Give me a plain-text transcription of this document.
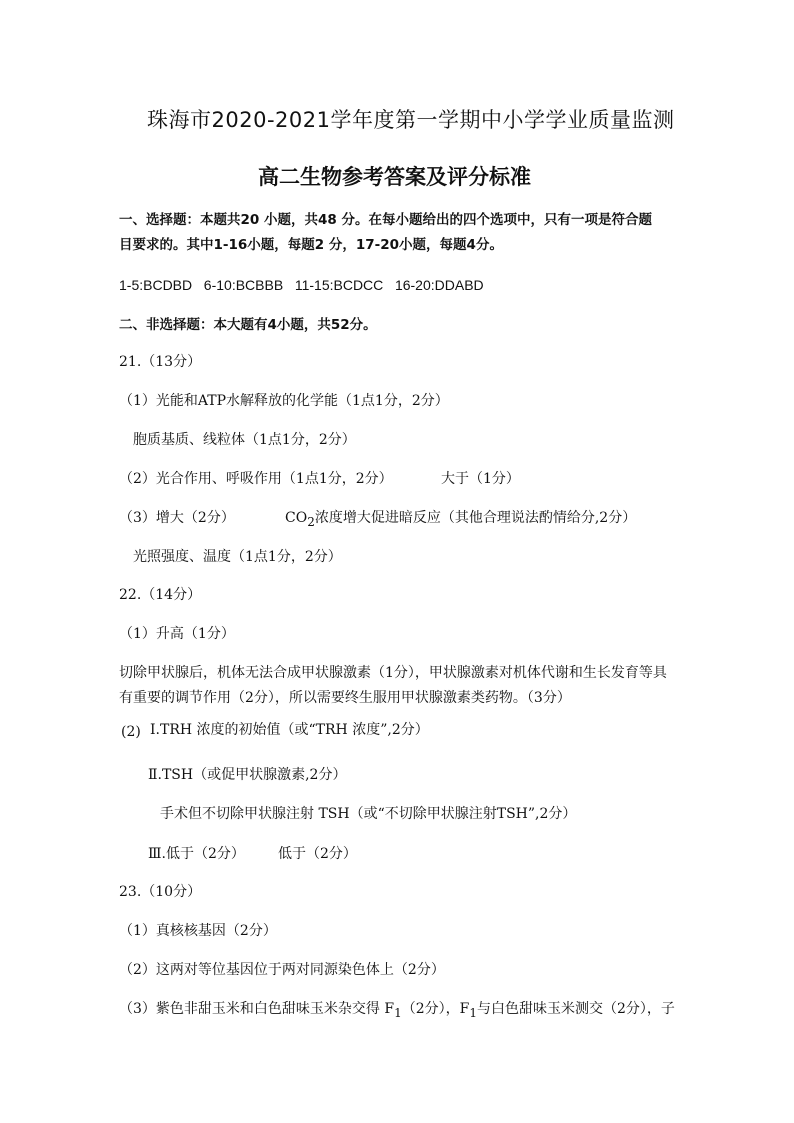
珠海市2020-2021学年度第一学期中小学学业质量监测
高二生物参考答案及评分标准
一、选择题：本题共20 小题，共48 分。在每小题给出的四个选项中，只有一项是符合题
目要求的。其中1-16小题，每题2 分，17-20小题，每题4分。
1-5:BCDBD   6-10:BCBBB   11-15:BCDCC   16-20:DDABD
二、非选择题：本大题有4小题，共52分。
21.（13分）
（1）光能和ATP水解释放的化学能（1点1分，2分）
胞质基质、线粒体（1点1分，2分）
（2）光合作用、呼吸作用（1点1分，2分）	大于（1分）
（3）增大（2分）	$CO_2$浓度增大促进暗反应（其他合理说法酌情给分,2分）
光照强度、温度（1点1分，2分）
22.（14分）
（1）升高（1分）
切除甲状腺后，机体无法合成甲状腺激素（1分），甲状腺激素对机体代谢和生长发育等具
有重要的调节作用（2分），所以需要终生服用甲状腺激素类药物。（3分）
(2) Ⅰ.TRH 浓度的初始值（或“TRH 浓度”,2分）
Ⅱ.TSH（或促甲状腺激素,2分）
手术但不切除甲状腺注射 TSH（或“不切除甲状腺注射TSH”,2分）
Ⅲ.低于（2分） 低于（2分）
23.（10分）
（1）真核核基因（2分）
（2）这两对等位基因位于两对同源染色体上（2分）
（3）紫色非甜玉米和白色甜味玉米杂交得 $F_1(2$分），$F_1$与白色甜味玉米测交（2分），子
